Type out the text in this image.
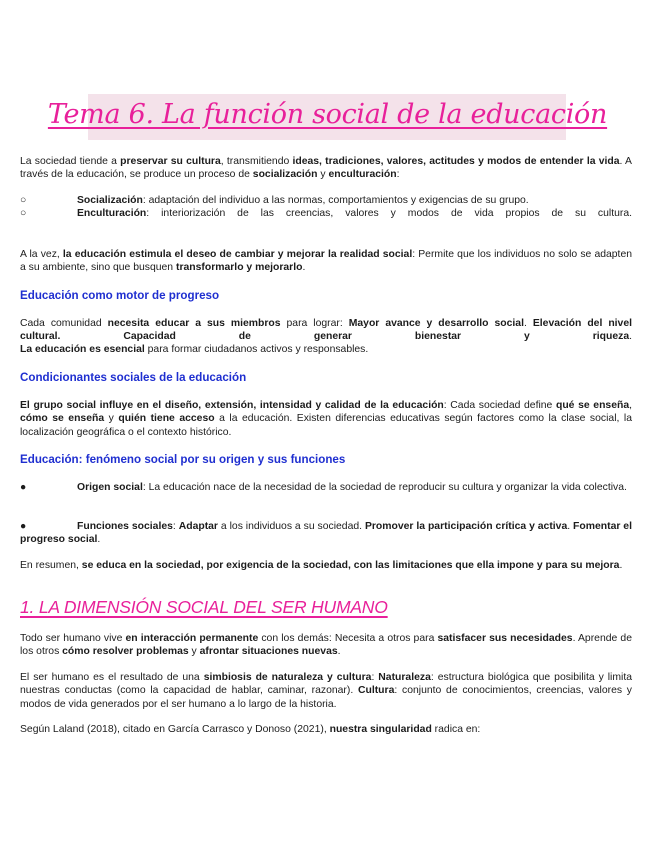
Tema 6. La función social de la educación
La sociedad tiende a preservar su cultura, transmitiendo ideas, tradiciones, valores, actitudes y modos de entender la vida. A través de la educación, se produce un proceso de socialización y enculturación:
○	Socialización: adaptación del individuo a las normas, comportamientos y exigencias de su grupo.
○	Enculturación: interiorización de las creencias, valores y modos de vida propios de su cultura.
A la vez, la educación estimula el deseo de cambiar y mejorar la realidad social: Permite que los individuos no solo se adapten a su ambiente, sino que busquen transformarlo y mejorarlo.
Educación como motor de progreso
Cada comunidad necesita educar a sus miembros para lograr: Mayor avance y desarrollo social. Elevación del nivel
cultural. Capacidad de generar bienestar y riqueza.
La educación es esencial para formar ciudadanos activos y responsables.
Condicionantes sociales de la educación
El grupo social influye en el diseño, extensión, intensidad y calidad de la educación: Cada sociedad define qué se enseña, cómo se enseña y quién tiene acceso a la educación. Existen diferencias educativas según factores como la clase social, la localización geográfica o el contexto histórico.
Educación: fenómeno social por su origen y sus funciones
●	Origen social: La educación nace de la necesidad de la sociedad de reproducir su cultura y organizar la vida colectiva.
●	Funciones sociales: Adaptar a los individuos a su sociedad. Promover la participación crítica y activa. Fomentar el progreso social.
En resumen, se educa en la sociedad, por exigencia de la sociedad, con las limitaciones que ella impone y para su mejora.
1. LA DIMENSIÓN SOCIAL DEL SER HUMANO
Todo ser humano vive en interacción permanente con los demás: Necesita a otros para satisfacer sus necesidades. Aprende de los otros cómo resolver problemas y afrontar situaciones nuevas.
El ser humano es el resultado de una simbiosis de naturaleza y cultura: Naturaleza: estructura biológica que posibilita y limita nuestras conductas (como la capacidad de hablar, caminar, razonar). Cultura: conjunto de conocimientos, creencias, valores y modos de vida generados por el ser humano a lo largo de la historia.
Según Laland (2018), citado en García Carrasco y Donoso (2021), nuestra singularidad radica en:
